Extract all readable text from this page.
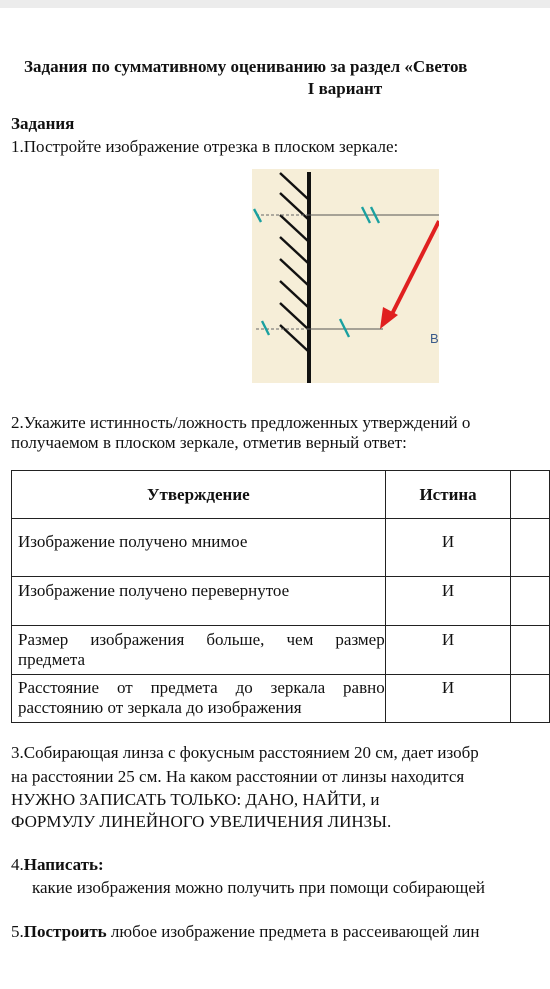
Задания по суммативному оцениванию за раздел «Светов
I вариант
Задания
1.Постройте изображение отрезка в плоском зеркале:
В
2.Укажите истинность/ложность предложенных утверждений о
получаемом в плоском зеркале, отметив верный ответ:
Утверждение	Истина	

Изображение получено мнимое	И	

Изображение получено перевернутое	И	

Размер изображения больше, чем размер
предмета	И	

Расстояние от предмета до зеркала равно
расстоянию от зеркала до изображения	И	
3.Собирающая линза с фокусным расстоянием 20 см, дает изобр
на расстоянии 25 см. На каком расстоянии от линзы находится
НУЖНО ЗАПИСАТЬ ТОЛЬКО: ДАНО, НАЙТИ, и
ФОРМУЛУ ЛИНЕЙНОГО УВЕЛИЧЕНИЯ ЛИНЗЫ.
4.Написать:
какие изображения можно получить при помощи собирающей
5.Построить любое изображение предмета в рассеивающей лин
